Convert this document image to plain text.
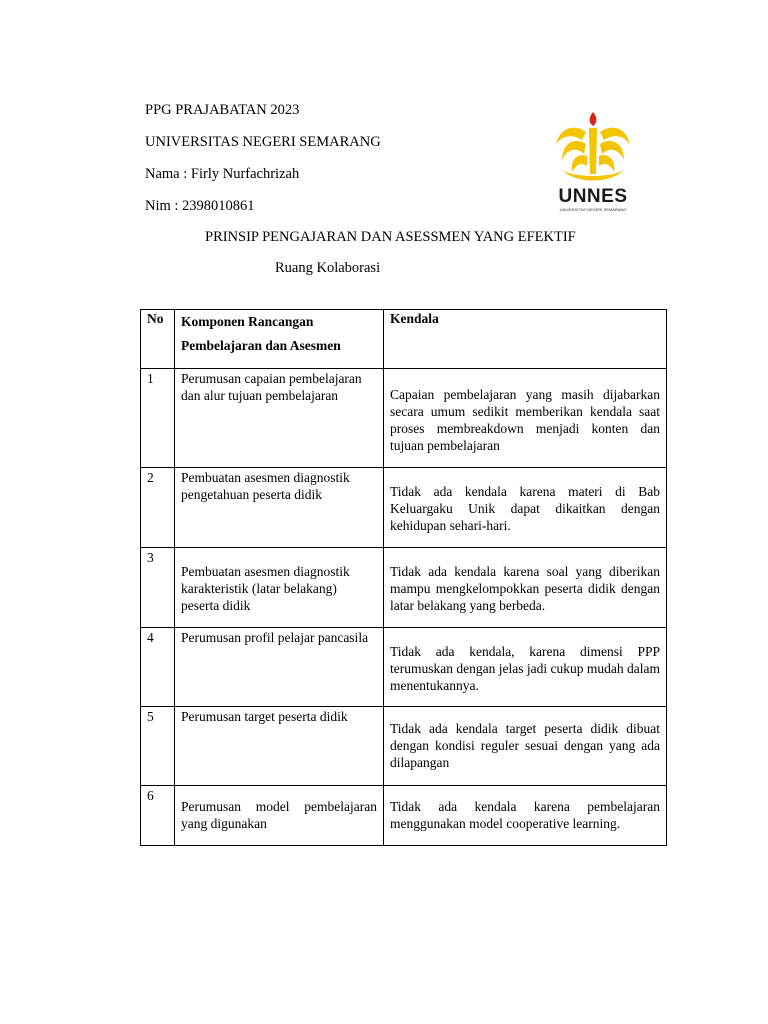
PPG PRAJABATAN 2023
UNIVERSITAS NEGERI SEMARANG
Nama : Firly Nurfachrizah
Nim : 2398010861	UNNES
UNIVERSITAS NEGERI SEMARANG
PRINSIP PENGAJARAN DAN ASESSMEN YANG EFEKTIF
Ruang Kolaborasi
No	Komponen Rancangan Pembelajaran dan Asesmen	Kendala
1	Perumusan capaian pembelajaran dan alur tujuan pembelajaran	Capaian pembelajaran yang masih dijabarkan secara umum sedikit memberikan kendala saat proses membreakdown menjadi konten dan tujuan pembelajaran
2	Pembuatan asesmen diagnostik pengetahuan peserta didik	Tidak ada kendala karena materi di Bab Keluargaku Unik dapat dikaitkan dengan kehidupan sehari-hari.
3	Pembuatan asesmen diagnostik karakteristik (latar belakang) peserta didik	Tidak ada kendala karena soal yang diberikan mampu mengkelompokkan peserta didik dengan latar belakang yang berbeda.
4	Perumusan profil pelajar pancasila	Tidak ada kendala, karena dimensi PPP terumuskan dengan jelas jadi cukup mudah dalam menentukannya.
5	Perumusan target peserta didik	Tidak ada kendala target peserta didik dibuat dengan kondisi reguler sesuai dengan yang ada dilapangan
6	Perumusan model pembelajaran yang digunakan	Tidak ada kendala karena pembelajaran menggunakan model cooperative learning.
